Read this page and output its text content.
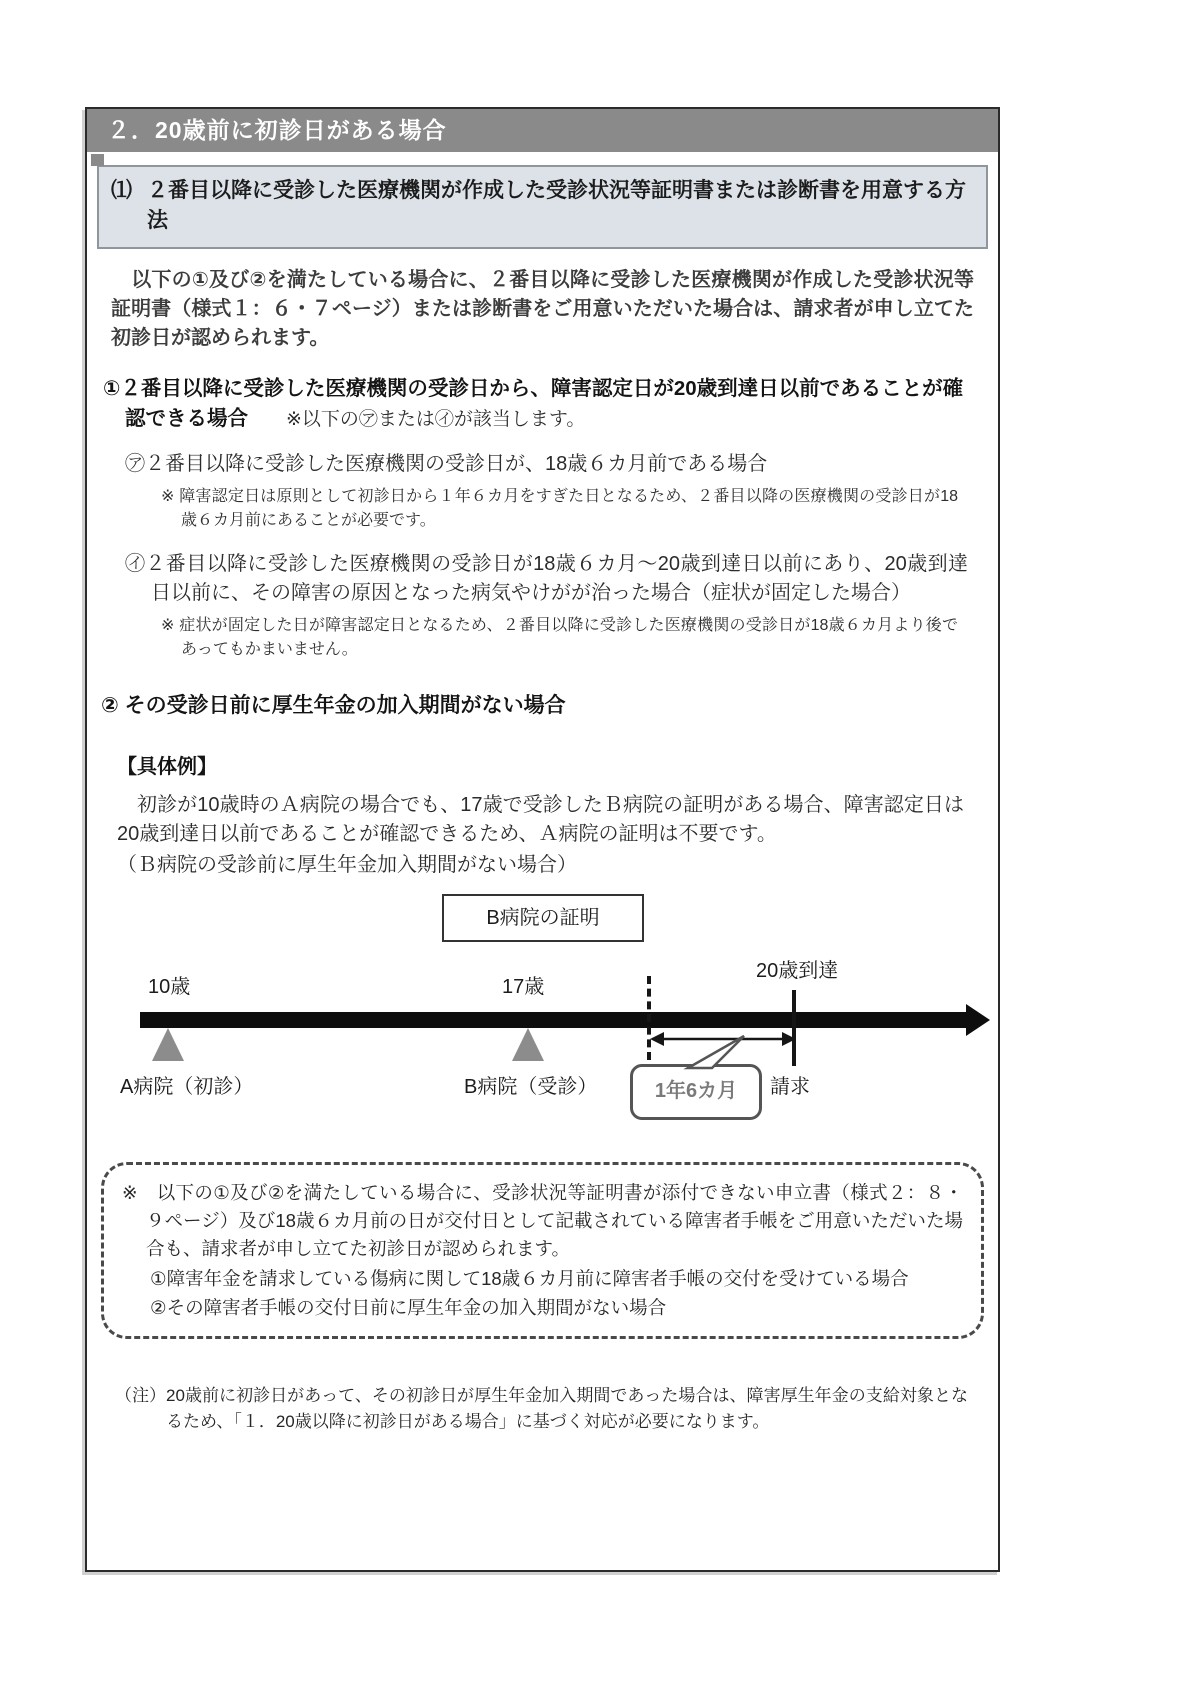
２．20歳前に初診日がある場合
⑴ ２番目以降に受診した医療機関が作成した受診状況等証明書または診断書を用意する方法
　以下の①及び②を満たしている場合に、２番目以降に受診した医療機関が作成した受診状況等証明書（様式１：６・７ページ）または診断書をご用意いただいた場合は、請求者が申し立てた初診日が認められます。
①２番目以降に受診した医療機関の受診日から、障害認定日が20歳到達日以前であることが確認できる場合　　※以下の㋐または㋑が該当します。
㋐２番目以降に受診した医療機関の受診日が、18歳６カ月前である場合
※ 障害認定日は原則として初診日から１年６カ月をすぎた日となるため、２番目以降の医療機関の受診日が18歳６カ月前にあることが必要です。
㋑２番目以降に受診した医療機関の受診日が18歳６カ月～20歳到達日以前にあり、20歳到達日以前に、その障害の原因となった病気やけがが治った場合（症状が固定した場合）
※ 症状が固定した日が障害認定日となるため、２番目以降に受診した医療機関の受診日が18歳６カ月より後であってもかまいません。
② その受診日前に厚生年金の加入期間がない場合
【具体例】
　初診が10歳時のＡ病院の場合でも、17歳で受診したＢ病院の証明がある場合、障害認定日は20歳到達日以前であることが確認できるため、Ａ病院の証明は不要です。
（Ｂ病院の受診前に厚生年金加入期間がない場合）
B病院の証明
10歳	17歳
20歳到達
A病院（初診）	B病院（受診）	1年6カ月	請求
※　以下の①及び②を満たしている場合に、受診状況等証明書が添付できない申立書（様式２：８・９ページ）及び18歳６カ月前の日が交付日として記載されている障害者手帳をご用意いただいた場合も、請求者が申し立てた初診日が認められます。
①障害年金を請求している傷病に関して18歳６カ月前に障害者手帳の交付を受けている場合
②その障害者手帳の交付日前に厚生年金の加入期間がない場合
（注） 20歳前に初診日があって、その初診日が厚生年金加入期間であった場合は、障害厚生年金の支給対象となるため、「１．20歳以降に初診日がある場合」に基づく対応が必要になります。
